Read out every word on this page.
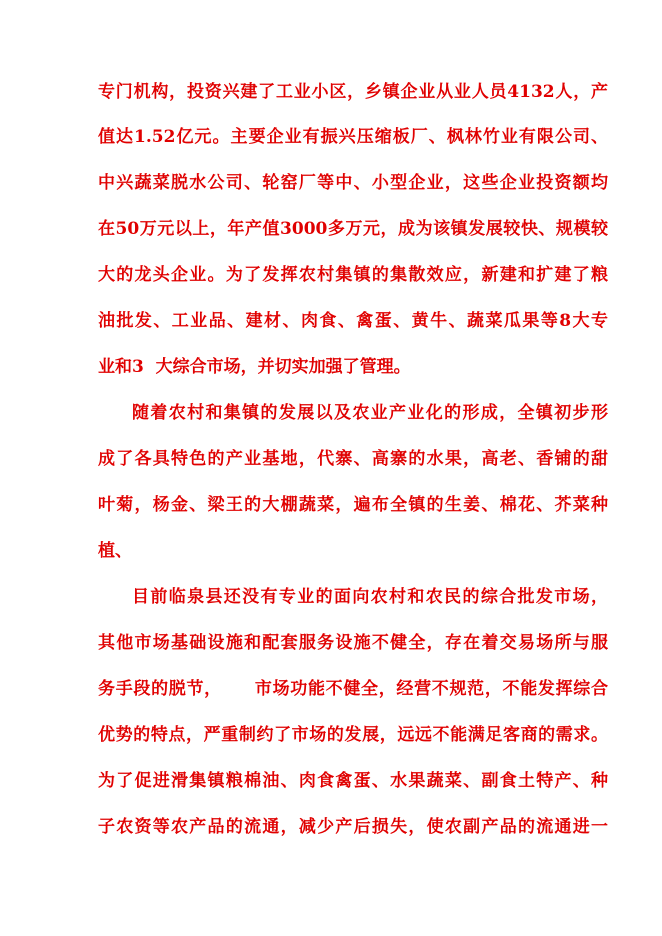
专门机构，投资兴建了工业小区，乡镇企业从业人员4132人，产
值达1.52亿元。主要企业有振兴压缩板厂、枫林竹业有限公司、
中兴蔬菜脱水公司、轮窑厂等中、小型企业，这些企业投资额均
在50万元以上，年产值3000多万元，成为该镇发展较快、规模较
大的龙头企业。为了发挥农村集镇的集散效应，新建和扩建了粮
油批发、工业品、建材、肉食、禽蛋、黄牛、蔬菜瓜果等8大专
业和3  大综合市场，并切实加强了管理。
随着农村和集镇的发展以及农业产业化的形成，全镇初步形
成了各具特色的产业基地，代寨、高寨的水果，高老、香铺的甜
叶菊，杨金、梁王的大棚蔬菜，遍布全镇的生姜、棉花、芥菜种
植、
目前临泉县还没有专业的面向农村和农民的综合批发市场，
其他市场基础设施和配套服务设施不健全，存在着交易场所与服
务手段的脱节，     市场功能不健全，经营不规范，不能发挥综合
优势的特点，严重制约了市场的发展，远远不能满足客商的需求。
为了促进滑集镇粮棉油、肉食禽蛋、水果蔬菜、副食土特产、种
子农资等农产品的流通，减少产后损失，使农副产品的流通进一
